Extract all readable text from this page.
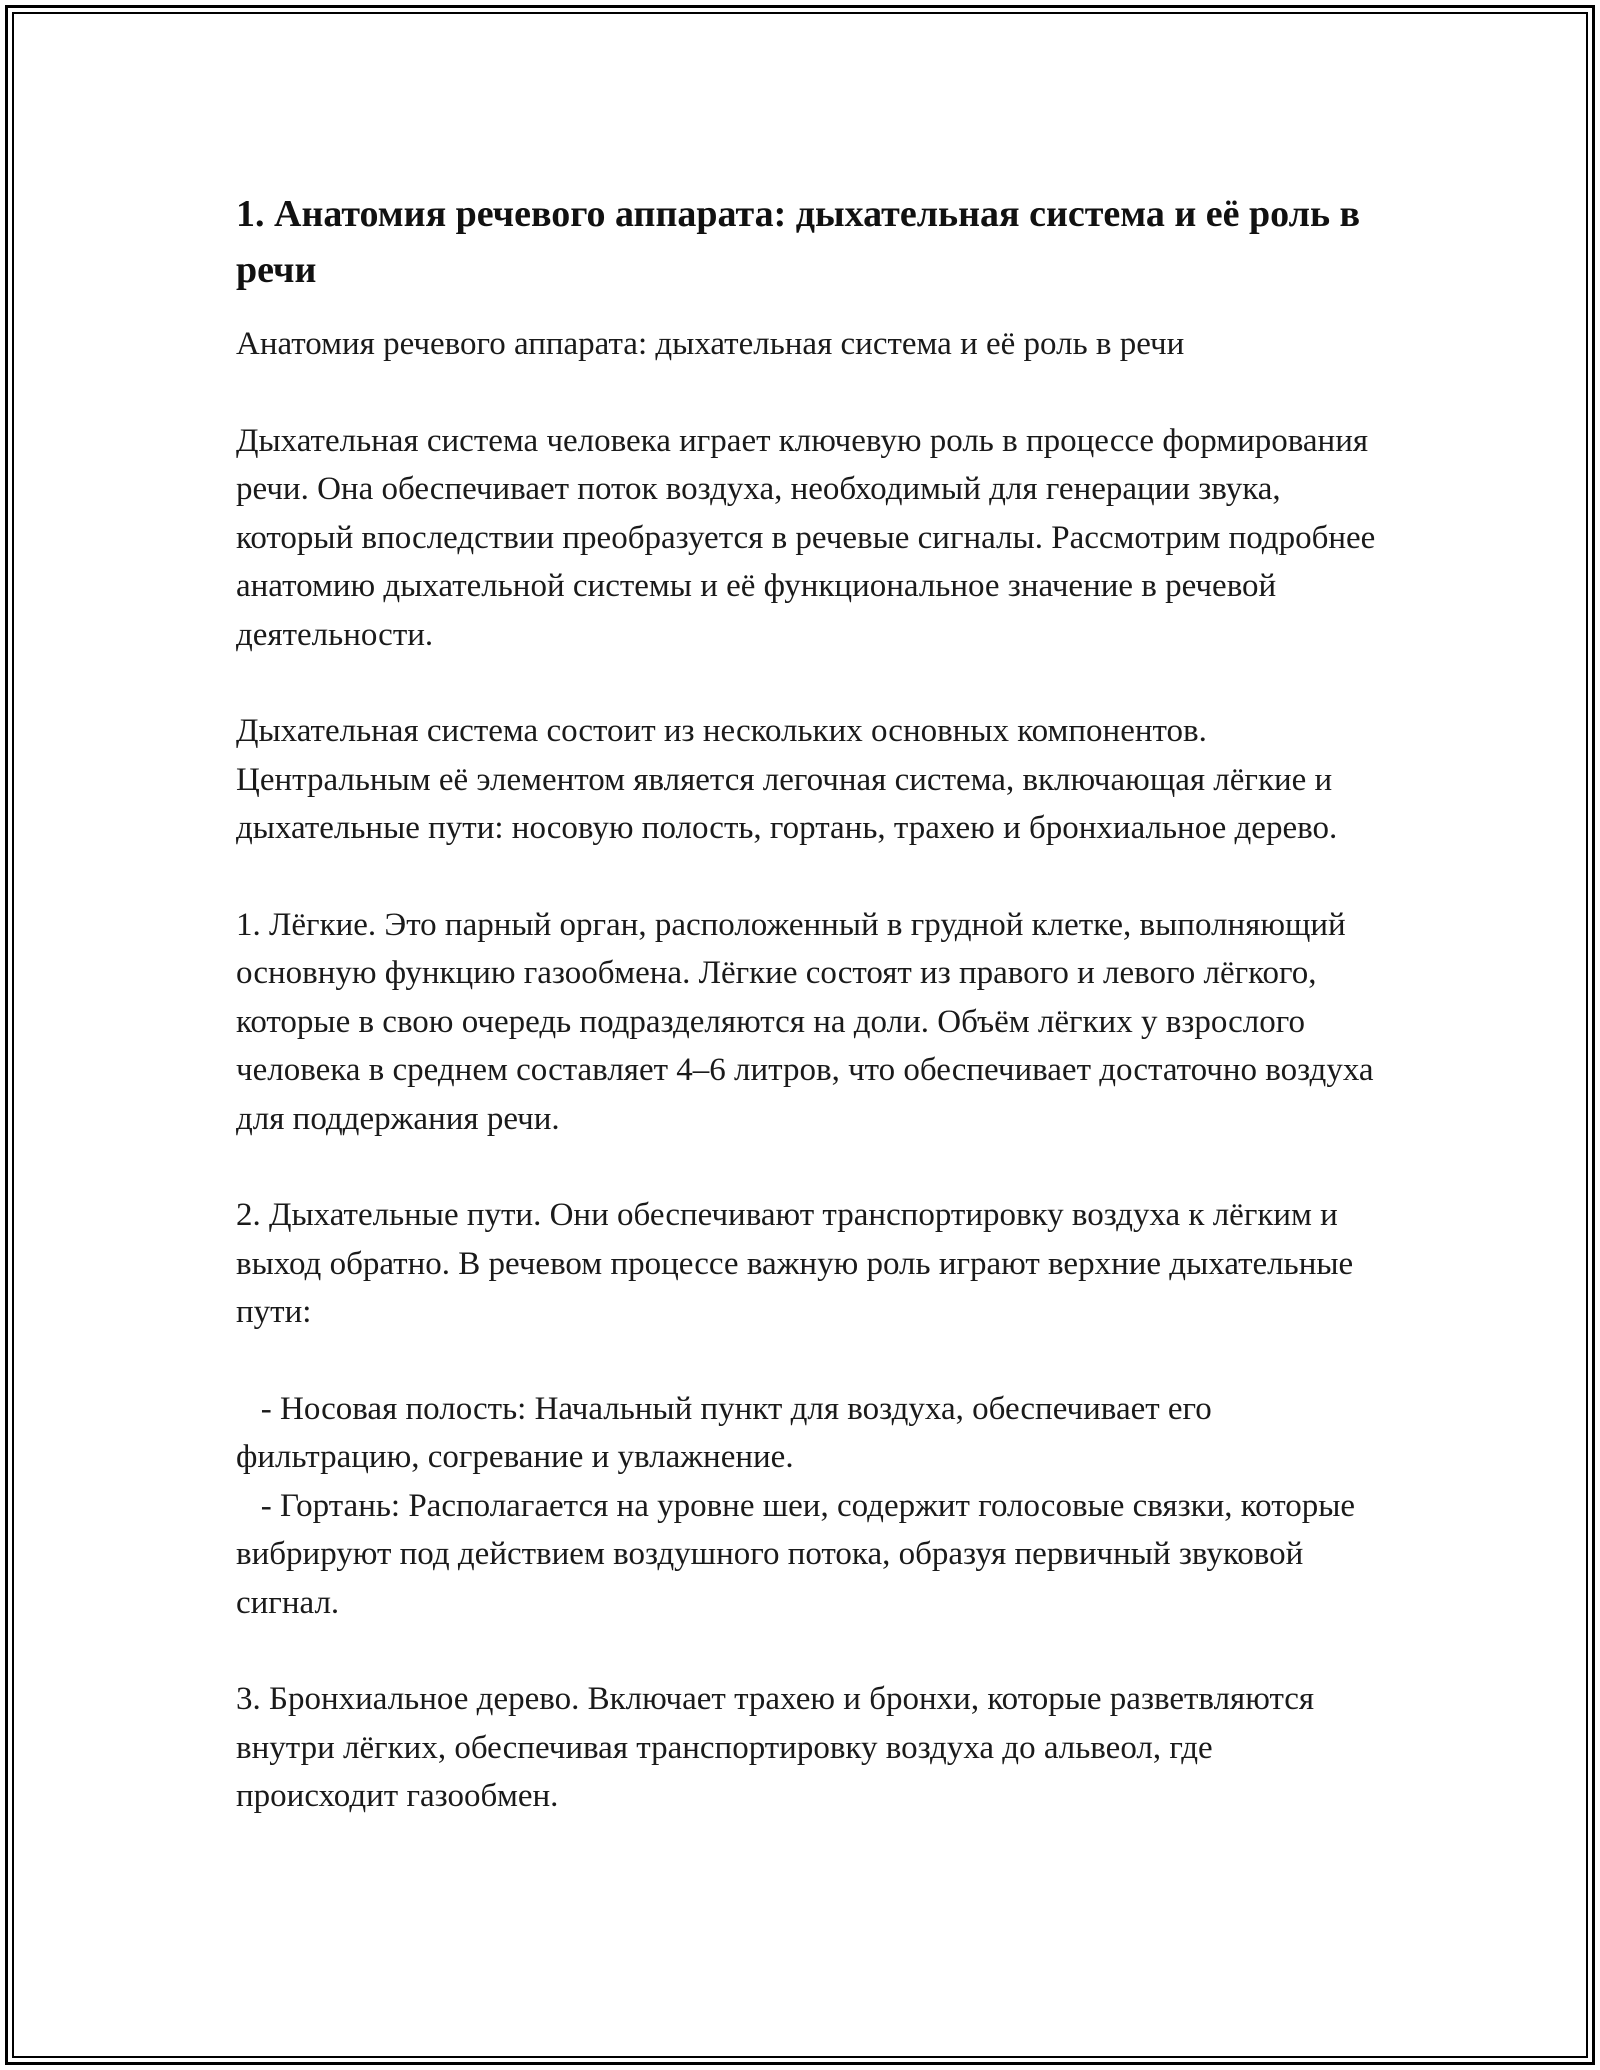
1. Анатомия речевого аппарата: дыхательная система и её роль в речи

Анатомия речевого аппарата: дыхательная система и её роль в речи

Дыхательная система человека играет ключевую роль в процессе формирования речи. Она обеспечивает поток воздуха, необходимый для генерации звука, который впоследствии преобразуется в речевые сигналы. Рассмотрим подробнее анатомию дыхательной системы и её функциональное значение в речевой деятельности.

Дыхательная система состоит из нескольких основных компонентов. Центральным её элементом является легочная система, включающая лёгкие и дыхательные пути: носовую полость, гортань, трахею и бронхиальное дерево.

1. Лёгкие. Это парный орган, расположенный в грудной клетке, выполняющий основную функцию газообмена. Лёгкие состоят из правого и левого лёгкого, которые в свою очередь подразделяются на доли. Объём лёгких у взрослого человека в среднем составляет 4–6 литров, что обеспечивает достаточно воздуха для поддержания речи.

2. Дыхательные пути. Они обеспечивают транспортировку воздуха к лёгким и выход обратно. В речевом процессе важную роль играют верхние дыхательные пути:

- Носовая полость: Начальный пункт для воздуха, обеспечивает его фильтрацию, согревание и увлажнение.

- Гортань: Располагается на уровне шеи, содержит голосовые связки, которые вибрируют под действием воздушного потока, образуя первичный звуковой сигнал.

3. Бронхиальное дерево. Включает трахею и бронхи, которые разветвляются внутри лёгких, обеспечивая транспортировку воздуха до альвеол, где происходит газообмен.
